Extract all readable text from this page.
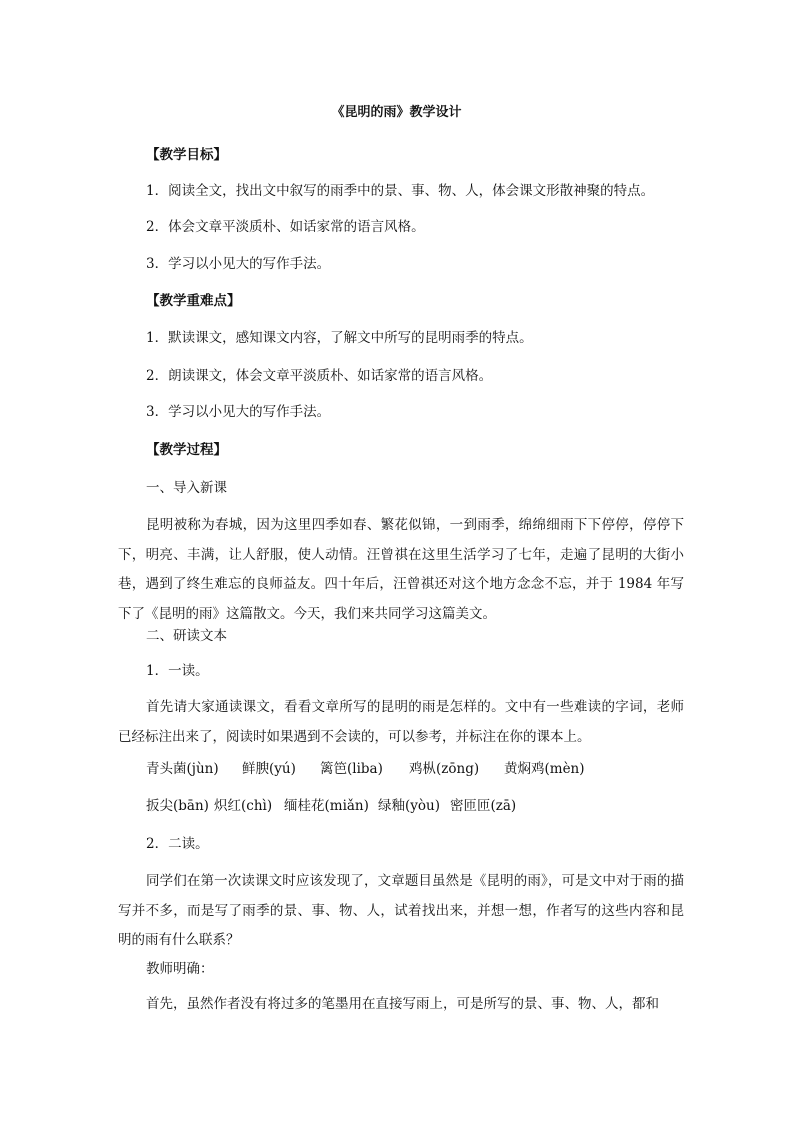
《昆明的雨》教学设计
【教学目标】
1．阅读全文，找出文中叙写的雨季中的景、事、物、人，体会课文形散神聚的特点。
2．体会文章平淡质朴、如话家常的语言风格。
3．学习以小见大的写作手法。
【教学重难点】
1．默读课文，感知课文内容，了解文中所写的昆明雨季的特点。
2．朗读课文，体会文章平淡质朴、如话家常的语言风格。
3．学习以小见大的写作手法。
【教学过程】
一、导入新课
昆明被称为春城，因为这里四季如春、繁花似锦，一到雨季，绵绵细雨下下停停，停停下下，明亮、丰满，让人舒服，使人动情。汪曾祺在这里生活学习了七年，走遍了昆明的大街小巷，遇到了终生难忘的良师益友。四十年后，汪曾祺还对这个地方念念不忘，并于 1984 年写下了《昆明的雨》这篇散文。今天，我们来共同学习这篇美文。
二、研读文本
1．一读。
首先请大家通读课文，看看文章所写的昆明的雨是怎样的。文中有一些难读的字词，老师已经标注出来了，阅读时如果遇到不会读的，可以参考，并标注在你的课本上。
青头菌(jùn) 鲜腴(yú) 篱笆(liba) 鸡枞(zōng) 黄焖鸡(mèn)
扳尖(bān) 炽红(chì) 缅桂花(miǎn) 绿釉(yòu) 密匝匝(zā)
2．二读。
同学们在第一次读课文时应该发现了，文章题目虽然是《昆明的雨》，可是文中对于雨的描写并不多，而是写了雨季的景、事、物、人，试着找出来，并想一想，作者写的这些内容和昆明的雨有什么联系？
教师明确：
首先，虽然作者没有将过多的笔墨用在直接写雨上，可是所写的景、事、物、人，都和
